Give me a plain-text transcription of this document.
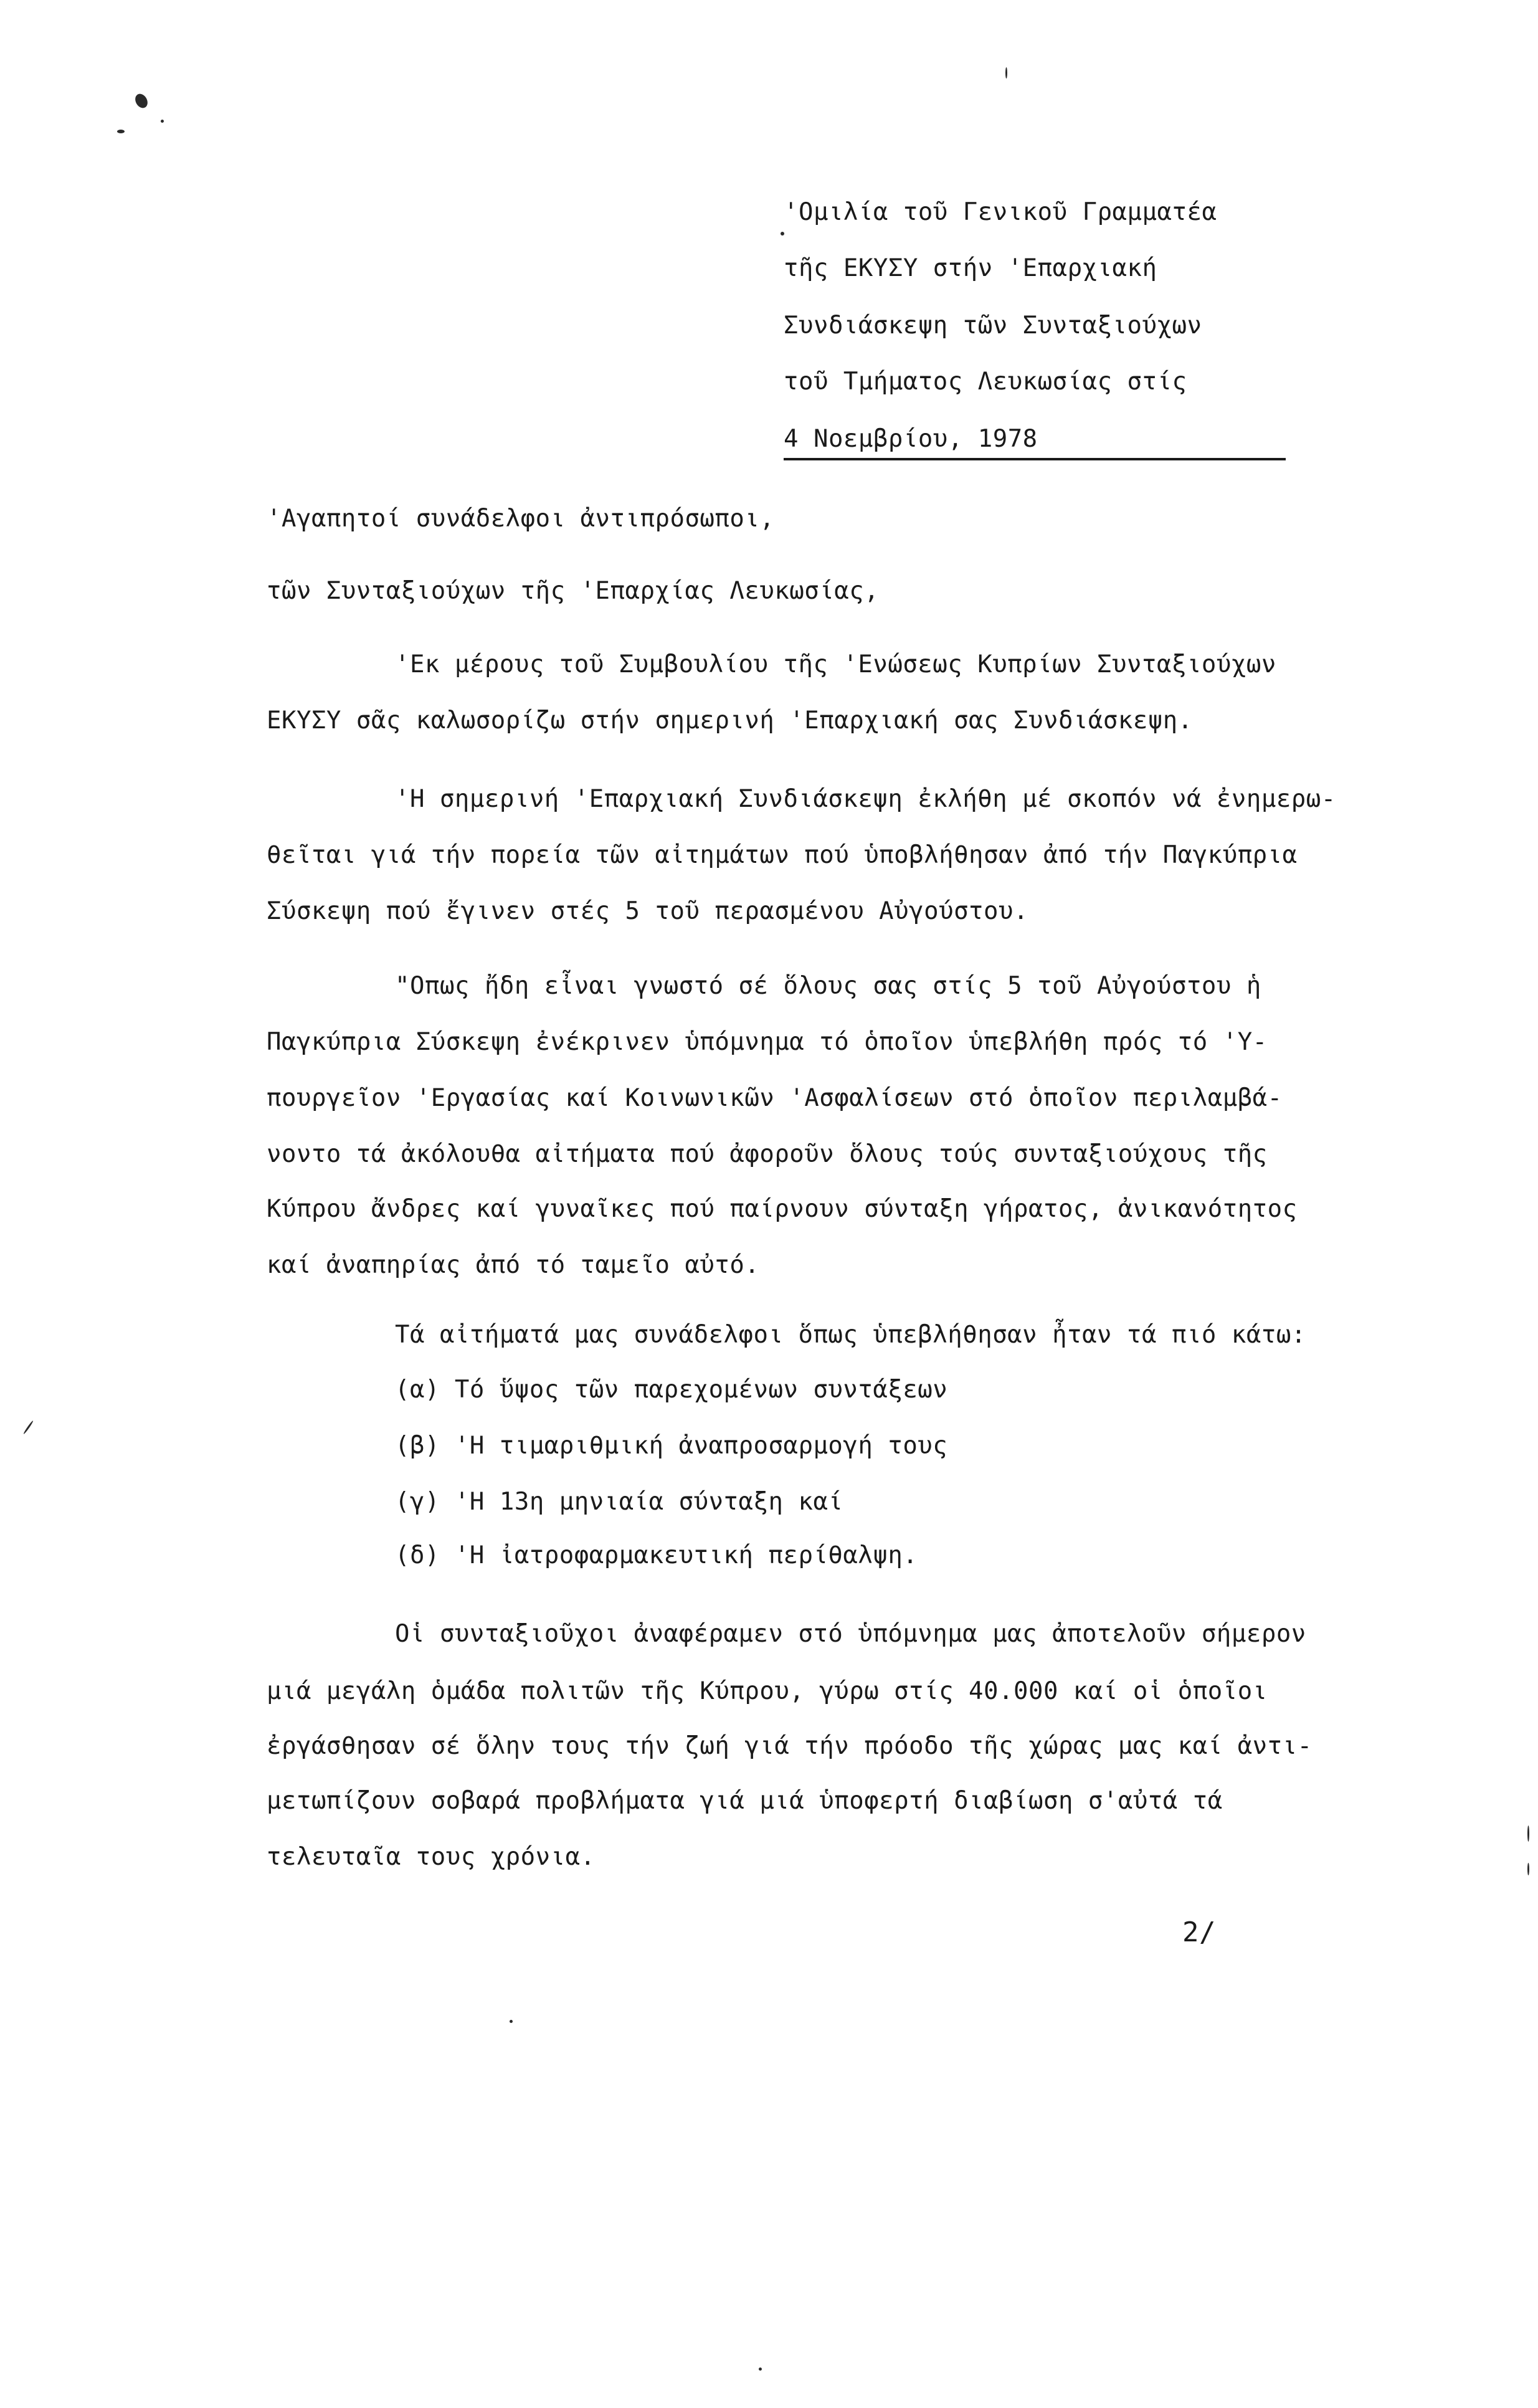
'Ομιλία τοῦ Γενικοῦ Γραμματέα
τῆς ΕΚΥΣΥ στήν 'Επαρχιακή
Συνδιάσκεψη τῶν Συνταξιούχων
τοῦ Τμήματος Λευκωσίας στίς
4 Νοεμβρίου, 1978
'Αγαπητοί συνάδελφοι ἀντιπρόσωποι,
τῶν Συνταξιούχων τῆς 'Επαρχίας Λευκωσίας,
'Εκ μέρους τοῦ Συμβουλίου τῆς 'Ενώσεως Κυπρίων Συνταξιούχων
ΕΚΥΣΥ σᾶς καλωσορίζω στήν σημερινή 'Επαρχιακή σας Συνδιάσκεψη.
'Η σημερινή 'Επαρχιακή Συνδιάσκεψη ἐκλήθη μέ σκοπόν νά ἐνημερω-
θεῖται γιά τήν πορεία τῶν αἰτημάτων πού ὑποβλήθησαν ἀπό τήν Παγκύπρια
Σύσκεψη πού ἔγινεν στές 5 τοῦ περασμένου Αὐγούστου.
"Οπως ἤδη εἶναι γνωστό σέ ὅλους σας στίς 5 τοῦ Αὐγούστου ἡ
Παγκύπρια Σύσκεψη ἐνέκρινεν ὑπόμνημα τό ὁποῖον ὑπεβλήθη πρός τό 'Υ-
πουργεῖον 'Εργασίας καί Κοινωνικῶν 'Ασφαλίσεων στό ὁποῖον περιλαμβά-
νοντο τά ἀκόλουθα αἰτήματα πού ἀφοροῦν ὅλους τούς συνταξιούχους τῆς
Κύπρου ἄνδρες καί γυναῖκες πού παίρνουν σύνταξη γήρατος, ἀνικανότητος
καί ἀναπηρίας ἀπό τό ταμεῖο αὐτό.
Τά αἰτήματά μας συνάδελφοι ὅπως ὑπεβλήθησαν ἦταν τά πιό κάτω:
(α) Τό ὕψος τῶν παρεχομένων συντάξεων
(β) 'Η τιμαριθμική ἀναπροσαρμογή τους
(γ) 'Η 13η μηνιαία σύνταξη καί
(δ) 'Η ἰατροφαρμακευτική περίθαλψη.
Οἱ συνταξιοῦχοι ἀναφέραμεν στό ὑπόμνημα μας ἀποτελοῦν σήμερον
μιά μεγάλη ὁμάδα πολιτῶν τῆς Κύπρου, γύρω στίς 40.000 καί οἱ ὁποῖοι
ἐργάσθησαν σέ ὅλην τους τήν ζωή γιά τήν πρόοδο τῆς χώρας μας καί ἀντι-
μετωπίζουν σοβαρά προβλήματα γιά μιά ὑποφερτή διαβίωση σ'αὐτά τά
τελευταῖα τους χρόνια.
2/
